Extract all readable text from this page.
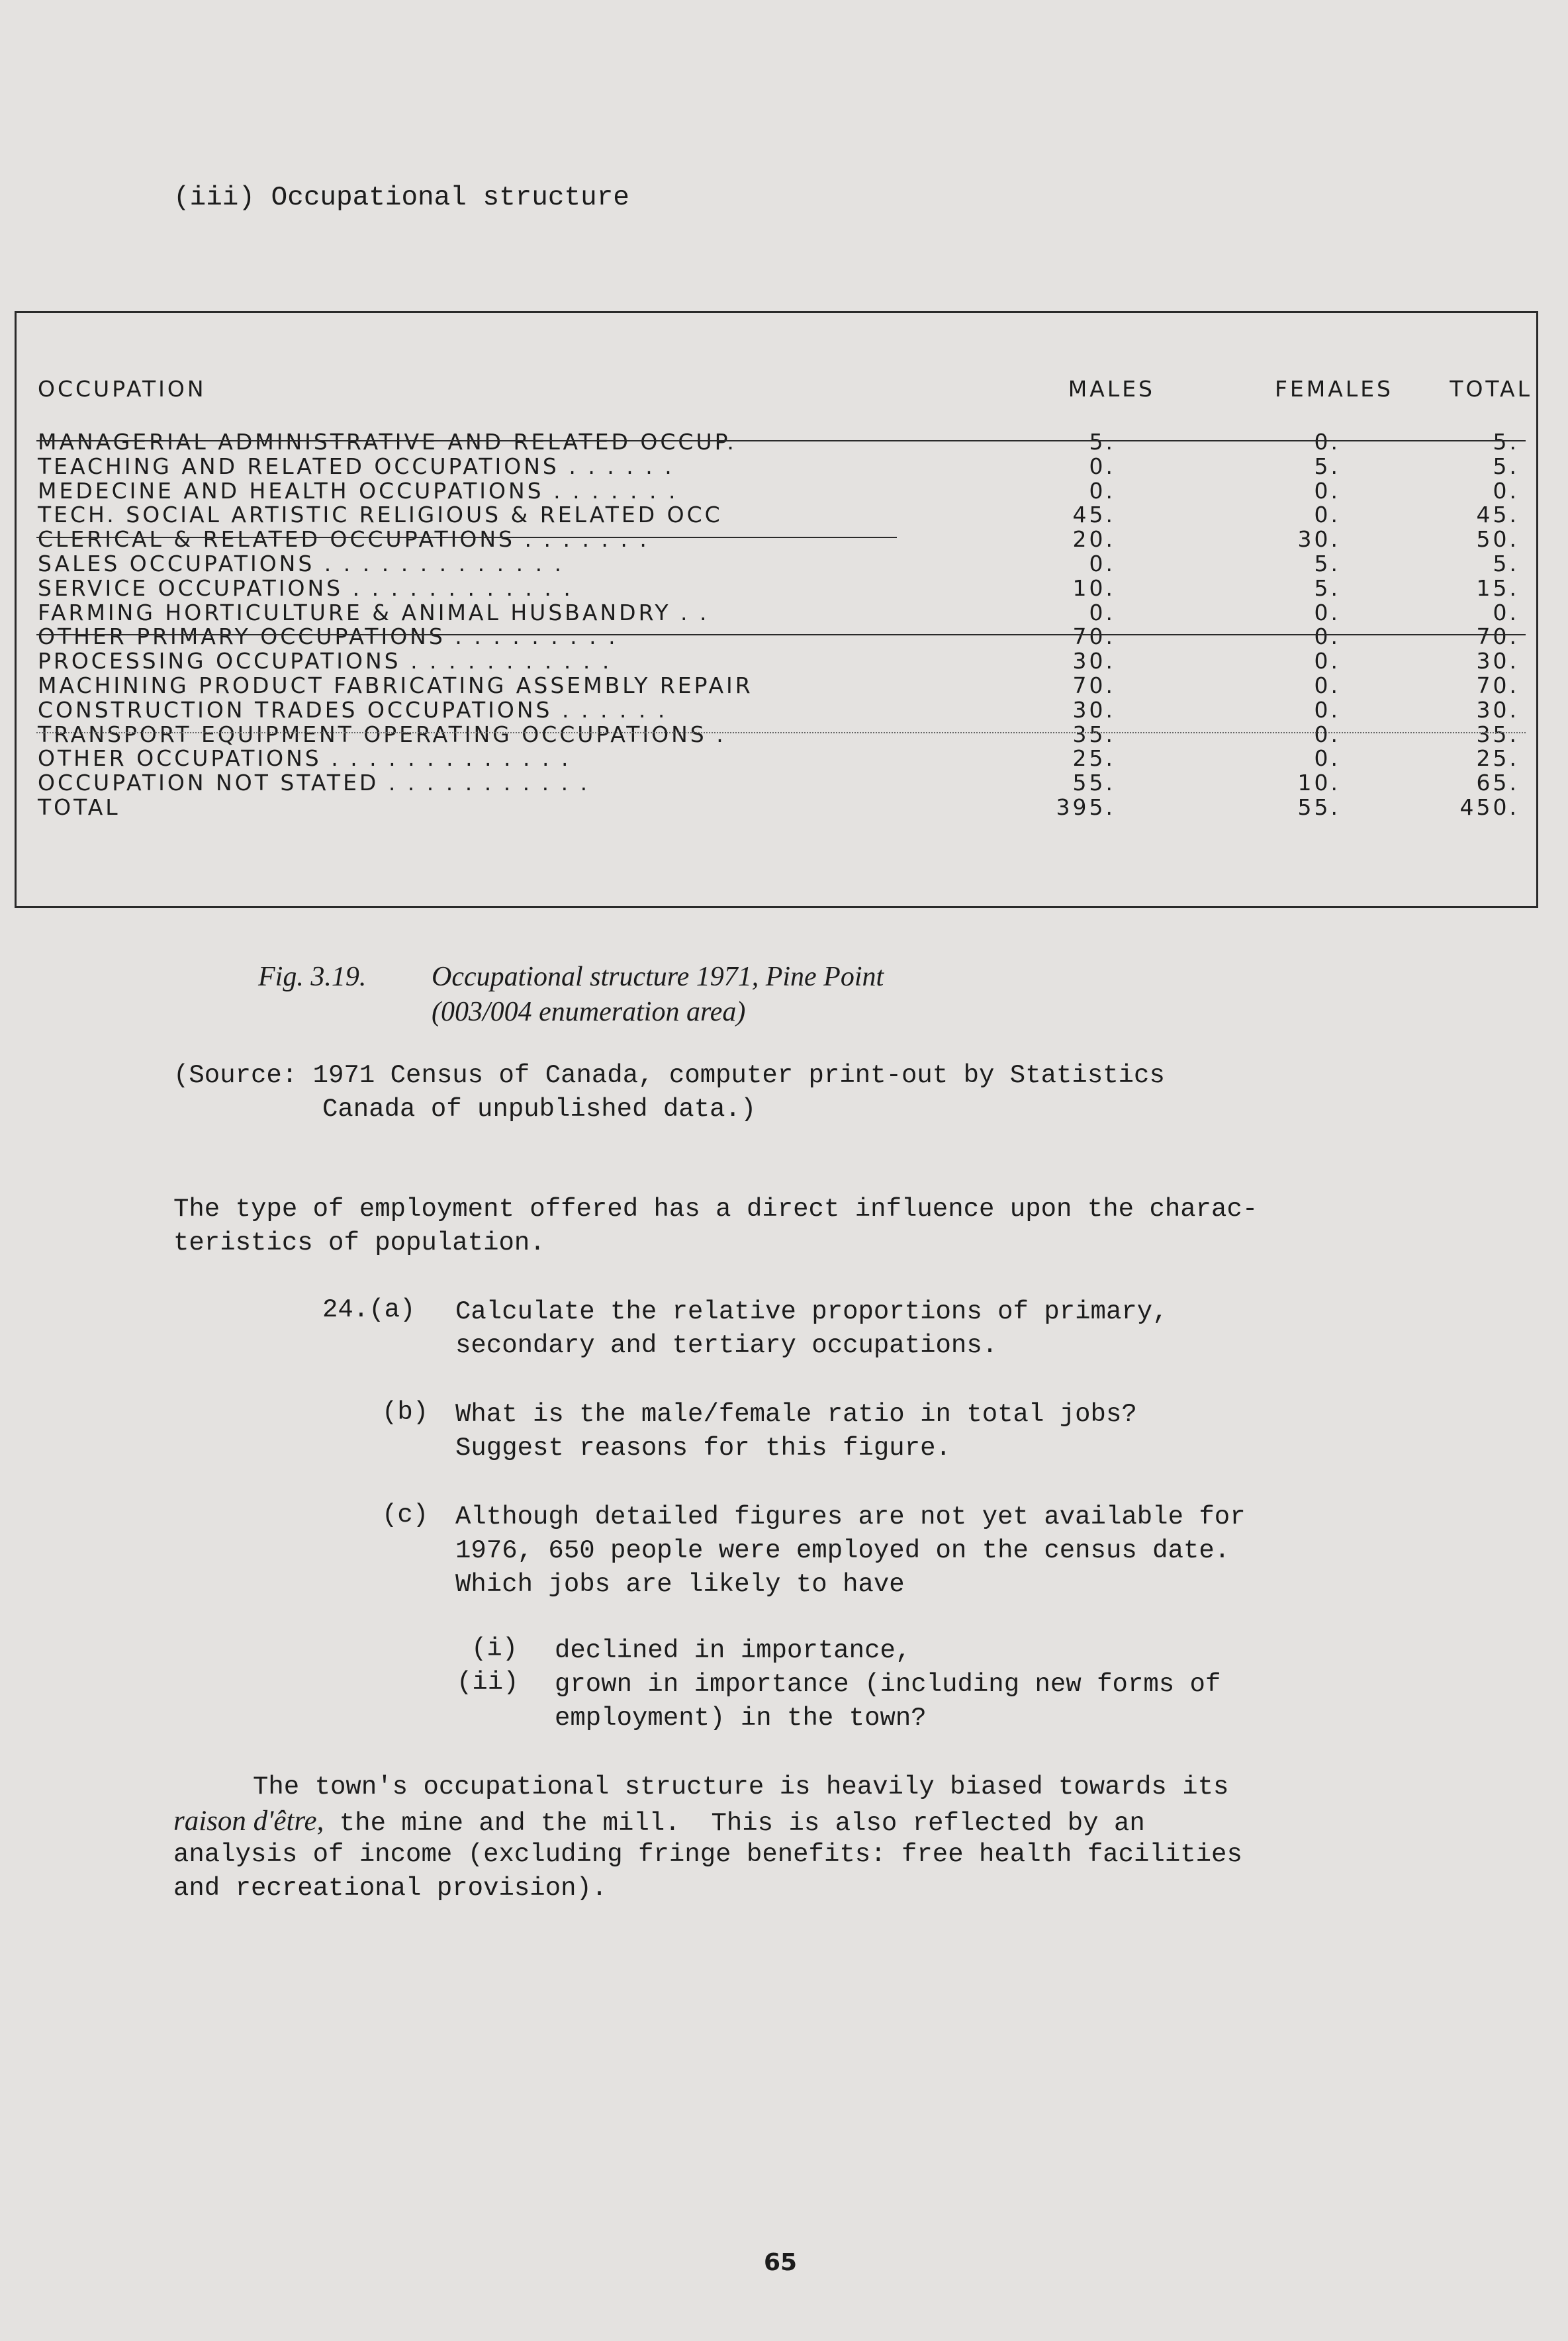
(iii) Occupational structure
OCCUPATION	MALES	FEMALES	TOTAL
MANAGERIAL ADMINISTRATIVE AND RELATED OCCUP.	5.	0.	5.
TEACHING AND RELATED OCCUPATIONS . . . . . .	0.	5.	5.
MEDECINE AND HEALTH OCCUPATIONS . . . . . . .	0.	0.	0.
TECH. SOCIAL ARTISTIC RELIGIOUS & RELATED OCC	45.	0.	45.
CLERICAL & RELATED OCCUPATIONS . . . . . . .	20.	30.	50.
SALES OCCUPATIONS . . . . . . . . . . . . .	0.	5.	5.
SERVICE OCCUPATIONS . . . . . . . . . . . .	10.	5.	15.
FARMING HORTICULTURE & ANIMAL HUSBANDRY . .	0.	0.	0.
OTHER PRIMARY OCCUPATIONS . . . . . . . . .	70.	0.	70.
PROCESSING OCCUPATIONS . . . . . . . . . . .	30.	0.	30.
MACHINING PRODUCT FABRICATING ASSEMBLY REPAIR	70.	0.	70.
CONSTRUCTION TRADES OCCUPATIONS . . . . . .	30.	0.	30.
TRANSPORT EQUIPMENT OPERATING OCCUPATIONS .	35.	0.	35.
OTHER OCCUPATIONS . . . . . . . . . . . . .	25.	0.	25.
OCCUPATION NOT STATED . . . . . . . . . . .	55.	10.	65.
TOTAL	395.	55.	450.
Fig. 3.19. Occupational structure 1971, Pine Point
(003/004 enumeration area)
(Source: 1971 Census of Canada, computer print-out by Statistics
Canada of unpublished data.)
The type of employment offered has a direct influence upon the charac-
teristics of population.
24.(a) Calculate the relative proportions of primary,
secondary and tertiary occupations.
(b) What is the male/female ratio in total jobs?
Suggest reasons for this figure.
(c) Although detailed figures are not yet available for
1976, 650 people were employed on the census date.
Which jobs are likely to have
(i) declined in importance,
(ii) grown in importance (including new forms of
employment) in the town?
The town's occupational structure is heavily biased towards its
raison d'être, the mine and the mill.  This is also reflected by an
analysis of income (excluding fringe benefits: free health facilities
and recreational provision).
65
